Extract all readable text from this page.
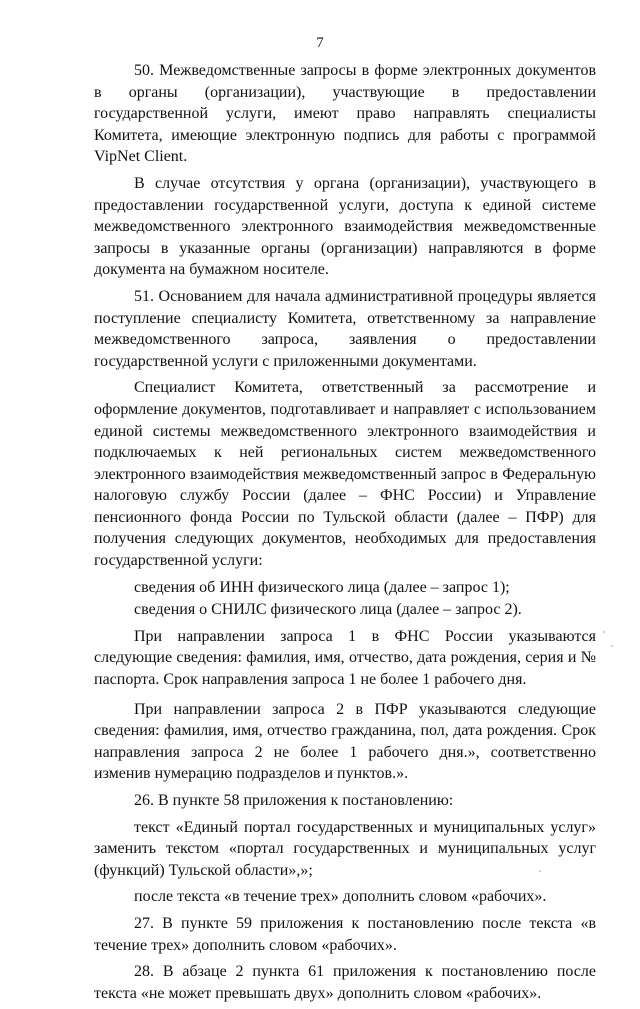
7

50. Межведомственные запросы в форме электронных документов в органы (организации), участвующие в предоставлении государственной услуги, имеют право направлять специалисты Комитета, имеющие электронную подпись для работы с программой VipNet Client.

В случае отсутствия у органа (организации), участвующего в предоставлении государственной услуги, доступа к единой системе межведомственного электронного взаимодействия межведомственные запросы в указанные органы (организации) направляются в форме документа на бумажном носителе.

51. Основанием для начала административной процедуры является поступление специалисту Комитета, ответственному за направление межведомственного запроса, заявления о предоставлении государственной услуги с приложенными документами.

Специалист Комитета, ответственный за рассмотрение и оформление документов, подготавливает и направляет с использованием единой системы межведомственного электронного взаимодействия и подключаемых к ней региональных систем межведомственного электронного взаимодействия межведомственный запрос в Федеральную налоговую службу России (далее – ФНС России) и Управление пенсионного фонда России по Тульской области (далее – ПФР) для получения следующих документов, необходимых для предоставления государственной услуги:

сведения об ИНН физического лица (далее – запрос 1);

сведения о СНИЛС физического лица (далее – запрос 2).

При направлении запроса 1 в ФНС России указываются следующие сведения: фамилия, имя, отчество, дата рождения, серия и № паспорта. Срок направления запроса 1 не более 1 рабочего дня.

При направлении запроса 2 в ПФР указываются следующие сведения: фамилия, имя, отчество гражданина, пол, дата рождения. Срок направления запроса 2 не более 1 рабочего дня.», соответственно изменив нумерацию подразделов и пунктов.».

26. В пункте 58 приложения к постановлению:

текст «Единый портал государственных и муниципальных услуг» заменить текстом «портал государственных и муниципальных услуг (функций) Тульской области»,»;

после текста «в течение трех» дополнить словом «рабочих».

27. В пункте 59 приложения к постановлению после текста «в течение трех» дополнить словом «рабочих».

28. В абзаце 2 пункта 61 приложения к постановлению после текста «не может превышать двух» дополнить словом «рабочих».
